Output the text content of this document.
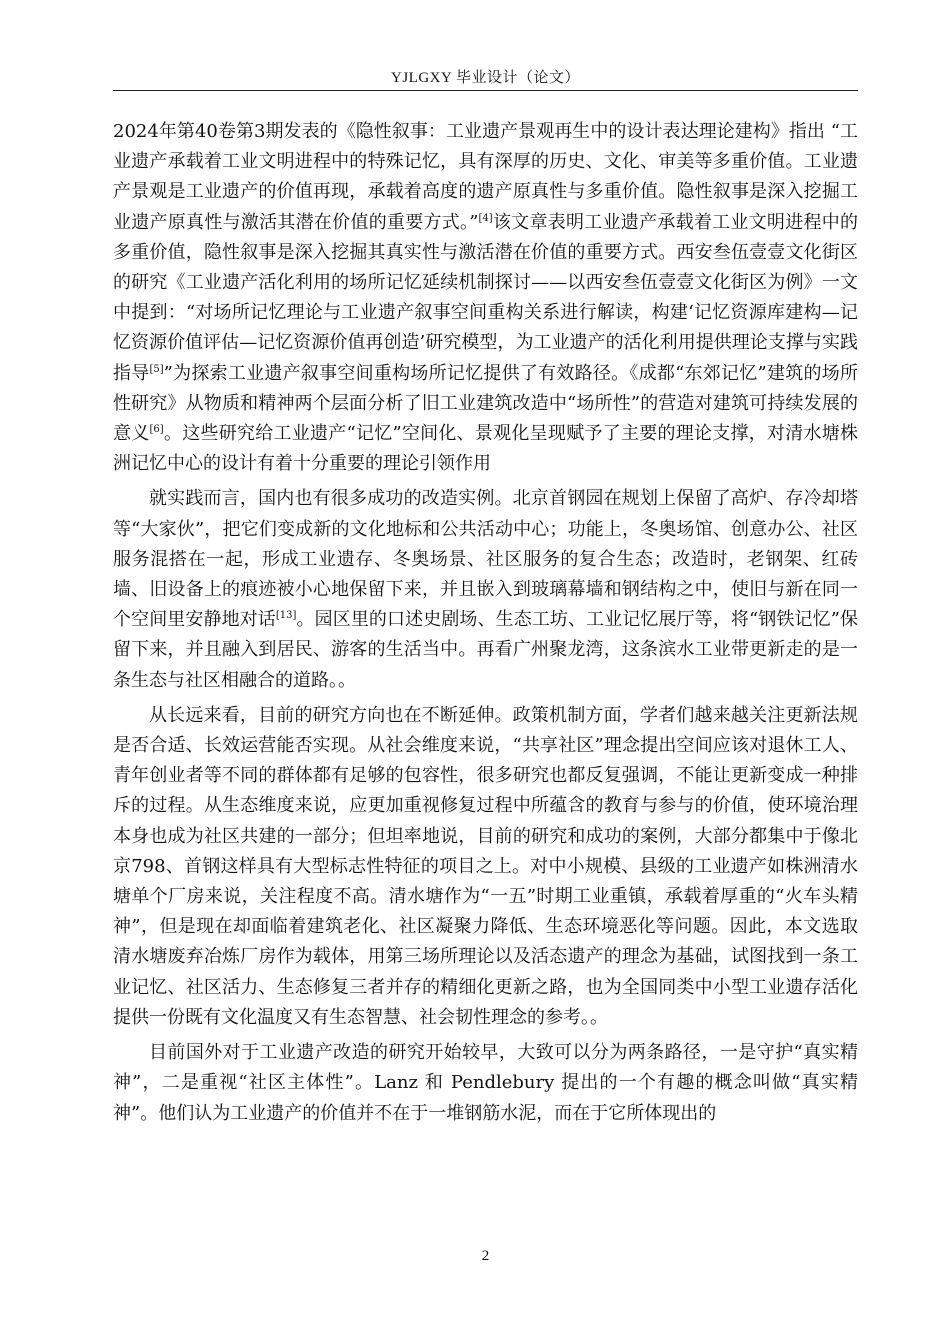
YJLGXY 毕业设计（论文）

2024年第40卷第3期发表的《隐性叙事：工业遗产景观再生中的设计表达理论建构》指出 “工业遗产承载着工业文明进程中的特殊记忆，具有深厚的历史、文化、审美等多重价值。工业遗产景观是工业遗产的价值再现，承载着高度的遗产原真性与多重价值。隐性叙事是深入挖掘工业遗产原真性与激活其潜在价值的重要方式。”[4]该文章表明工业遗产承载着工业文明进程中的多重价值，隐性叙事是深入挖掘其真实性与激活潜在价值的重要方式。西安叁伍壹壹文化街区的研究《工业遗产活化利用的场所记忆延续机制探讨——以西安叁伍壹壹文化街区为例》一文中提到：“对场所记忆理论与工业遗产叙事空间重构关系进行解读，构建‘记忆资源库建构—记忆资源价值评估—记忆资源价值再创造’研究模型，为工业遗产的活化利用提供理论支撑与实践指导[5]”为探索工业遗产叙事空间重构场所记忆提供了有效路径。《成都“东郊记忆”建筑的场所性研究》从物质和精神两个层面分析了旧工业建筑改造中“场所性”的营造对建筑可持续发展的意义[6]。这些研究给工业遗产“记忆”空间化、景观化呈现赋予了主要的理论支撑，对清水塘株洲记忆中心的设计有着十分重要的理论引领作用

就实践而言，国内也有很多成功的改造实例。北京首钢园在规划上保留了高炉、存冷却塔等“大家伙”，把它们变成新的文化地标和公共活动中心；功能上，冬奥场馆、创意办公、社区服务混搭在一起，形成工业遗存、冬奥场景、社区服务的复合生态；改造时，老钢架、红砖墙、旧设备上的痕迹被小心地保留下来，并且嵌入到玻璃幕墙和钢结构之中，使旧与新在同一个空间里安静地对话[13]。园区里的口述史剧场、生态工坊、工业记忆展厅等，将“钢铁记忆”保留下来，并且融入到居民、游客的生活当中。再看广州聚龙湾，这条滨水工业带更新走的是一条生态与社区相融合的道路。。

从长远来看，目前的研究方向也在不断延伸。政策机制方面，学者们越来越关注更新法规是否合适、长效运营能否实现。从社会维度来说，“共享社区”理念提出空间应该对退休工人、青年创业者等不同的群体都有足够的包容性，很多研究也都反复强调，不能让更新变成一种排斥的过程。从生态维度来说，应更加重视修复过程中所蕴含的教育与参与的价值，使环境治理本身也成为社区共建的一部分；但坦率地说，目前的研究和成功的案例，大部分都集中于像北京798、首钢这样具有大型标志性特征的项目之上。对中小规模、县级的工业遗产如株洲清水塘单个厂房来说，关注程度不高。清水塘作为“一五”时期工业重镇，承载着厚重的“火车头精神”，但是现在却面临着建筑老化、社区凝聚力降低、生态环境恶化等问题。因此，本文选取清水塘废弃冶炼厂房作为载体，用第三场所理论以及活态遗产的理念为基础，试图找到一条工业记忆、社区活力、生态修复三者并存的精细化更新之路，也为全国同类中小型工业遗存活化提供一份既有文化温度又有生态智慧、社会韧性理念的参考。。

目前国外对于工业遗产改造的研究开始较早，大致可以分为两条路径，一是守护“真实精神”，二是重视“社区主体性”。Lanz 和 Pendlebury 提出的一个有趣的概念叫做“真实精神”。他们认为工业遗产的价值并不在于一堆钢筋水泥，而在于它所体现出的

2
